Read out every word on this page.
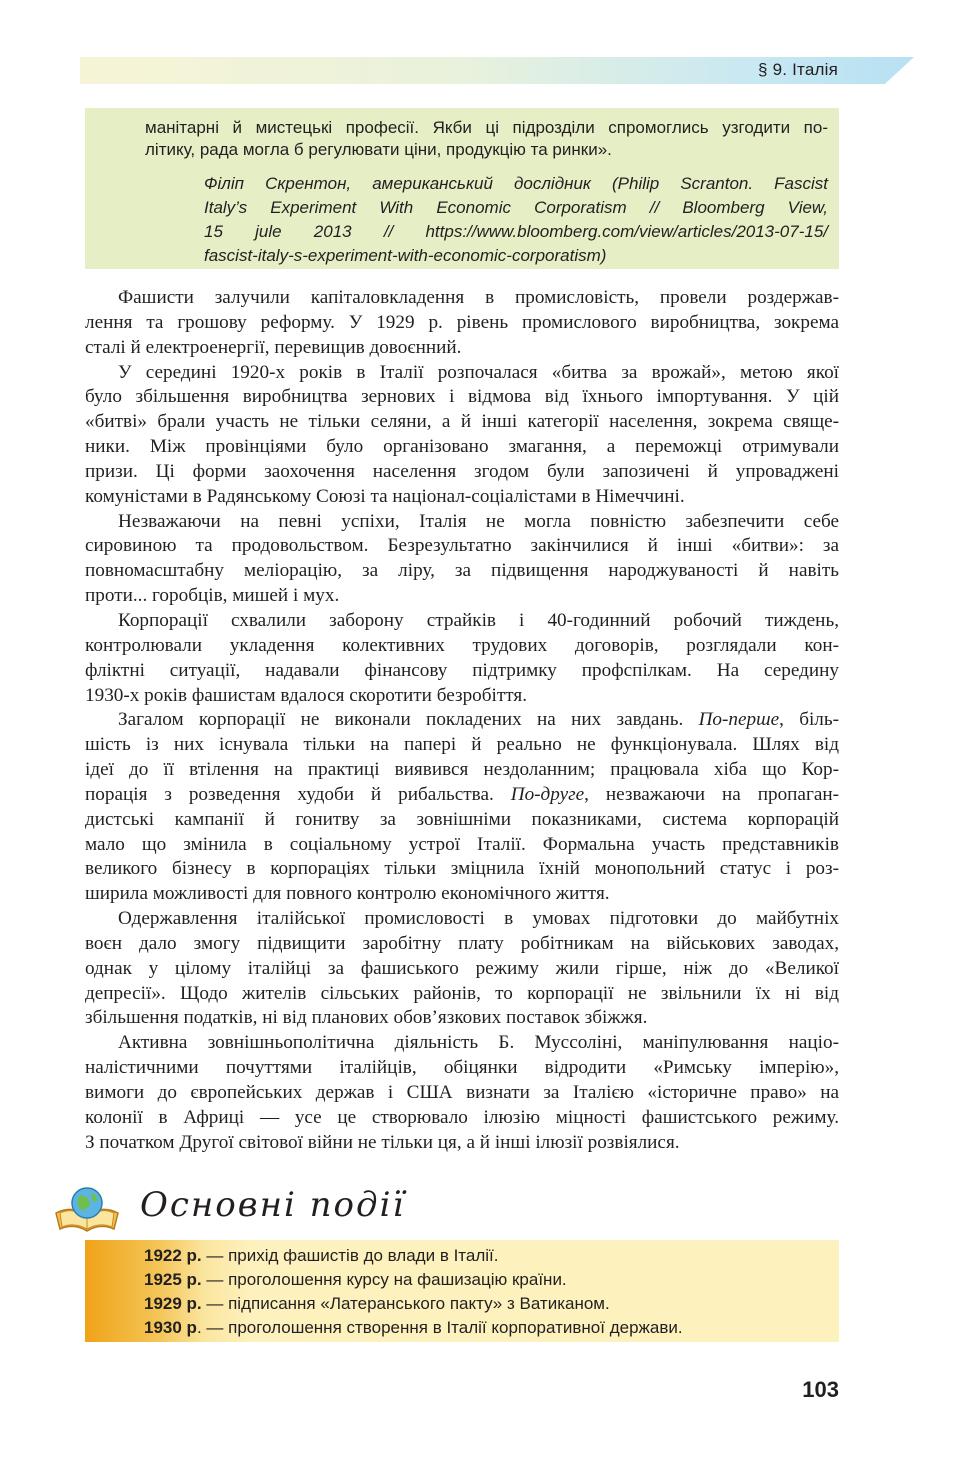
§ 9. Італія
манітарні й мистецькі професії. Якби ці підрозділи спромоглись узгодити по-
літику, рада могла б регулювати ціни, продукцію та ринки».
Філіп Скрентон, американський дослідник (Philip Scranton. Fascist
Italy’s Experiment With Economic Corporatism // Bloomberg View,
15 jule 2013 // https://www.bloomberg.com/view/articles/2013-07-15/
fascist-italy-s-experiment-with-economic-corporatism)
Фашисти залучили капіталовкладення в промисловість, провели роздержав-
лення та грошову реформу. У 1929 р. рівень промислового виробництва, зокрема
сталі й електроенергії, перевищив довоєнний.
У середині 1920-х років в Італії розпочалася «битва за врожай», метою якої
було збільшення виробництва зернових і відмова від їхнього імпортування. У цій
«битві» брали участь не тільки селяни, а й інші категорії населення, зокрема свяще-
ники. Між провінціями було організовано змагання, а переможці отримували
призи. Ці форми заохочення населення згодом були запозичені й упроваджені
комуністами в Радянському Союзі та націонал-соціалістами в Німеччині.
Незважаючи на певні успіхи, Італія не могла повністю забезпечити себе
сировиною та продовольством. Безрезультатно закінчилися й інші «битви»: за
повномасштабну меліорацію, за ліру, за підвищення народжуваності й навіть
проти... горобців, мишей і мух.
Корпорації схвалили заборону страйків і 40-годинний робочий тиждень,
контролювали укладення колективних трудових договорів, розглядали кон-
фліктні ситуації, надавали фінансову підтримку профспілкам. На середину
1930-х років фашистам вдалося скоротити безробіття.
Загалом корпорації не виконали покладених на них завдань. По-перше, біль-
шість із них існувала тільки на папері й реально не функціонувала. Шлях від
ідеї до її втілення на практиці виявився нездоланним; працювала хіба що Кор-
порація з розведення худоби й рибальства. По-друге, незважаючи на пропаган-
дистські кампанії й гонитву за зовнішніми показниками, система корпорацій
мало що змінила в соціальному устрої Італії. Формальна участь представників
великого бізнесу в корпораціях тільки зміцнила їхній монопольний статус і роз-
ширила можливості для повного контролю економічного життя.
Одержавлення італійської промисловості в умовах підготовки до майбутніх
воєн дало змогу підвищити заробітну плату робітникам на військових заводах,
однак у цілому італійці за фашиського режиму жили гірше, ніж до «Великої
депресії». Щодо жителів сільських районів, то корпорації не звільнили їх ні від
збільшення податків, ні від планових обов’язкових поставок збіжжя.
Активна зовнішньополітична діяльність Б. Муссоліні, маніпулювання націо-
налістичними почуттями італійців, обіцянки відродити «Римську імперію»,
вимоги до європейських держав і США визнати за Італією «історичне право» на
колонії в Африці — усе це створювало ілюзію міцності фашистського режиму.
З початком Другої світової війни не тільки ця, а й інші ілюзії розвіялися.
Основні події
1922 р. — прихід фашистів до влади в Італії.
1925 р. — проголошення курсу на фашизацію країни.
1929 р. — підписання «Латеранського пакту» з Ватиканом.
1930 р. — проголошення створення в Італії корпоративної держави.
103
